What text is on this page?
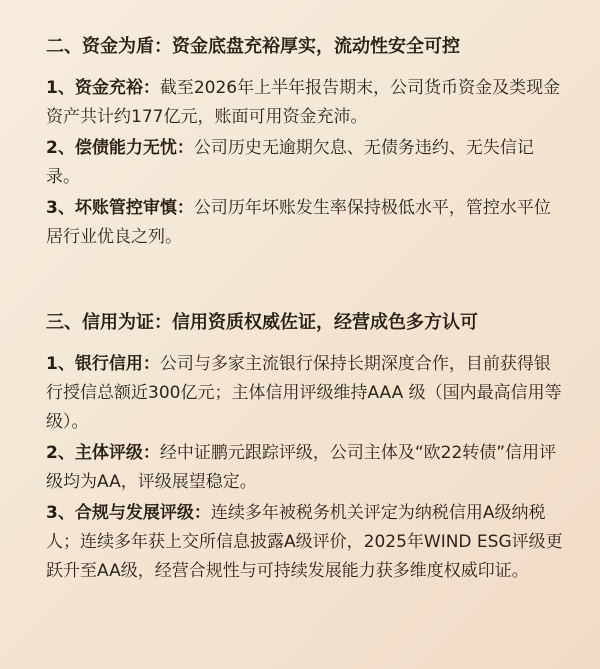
二、资金为盾：资金底盘充裕厚实，流动性安全可控
1、资金充裕：截至2026年上半年报告期末，公司货币资金及类现金资产共计约177亿元，账面可用资金充沛。
2、偿债能力无忧：公司历史无逾期欠息、无债务违约、无失信记录。
3、坏账管控审慎：公司历年坏账发生率保持极低水平，管控水平位居行业优良之列。
三、信用为证：信用资质权威佐证，经营成色多方认可
1、银行信用：公司与多家主流银行保持长期深度合作，目前获得银行授信总额近300亿元；主体信用评级维持AAA 级（国内最高信用等级）。
2、主体评级：经中证鹏元跟踪评级，公司主体及“欧22转债”信用评级均为AA，评级展望稳定。
3、合规与发展评级：连续多年被税务机关评定为纳税信用A级纳税人；连续多年获上交所信息披露A级评价，2025年WIND ESG评级更跃升至AA级，经营合规性与可持续发展能力获多维度权威印证。
